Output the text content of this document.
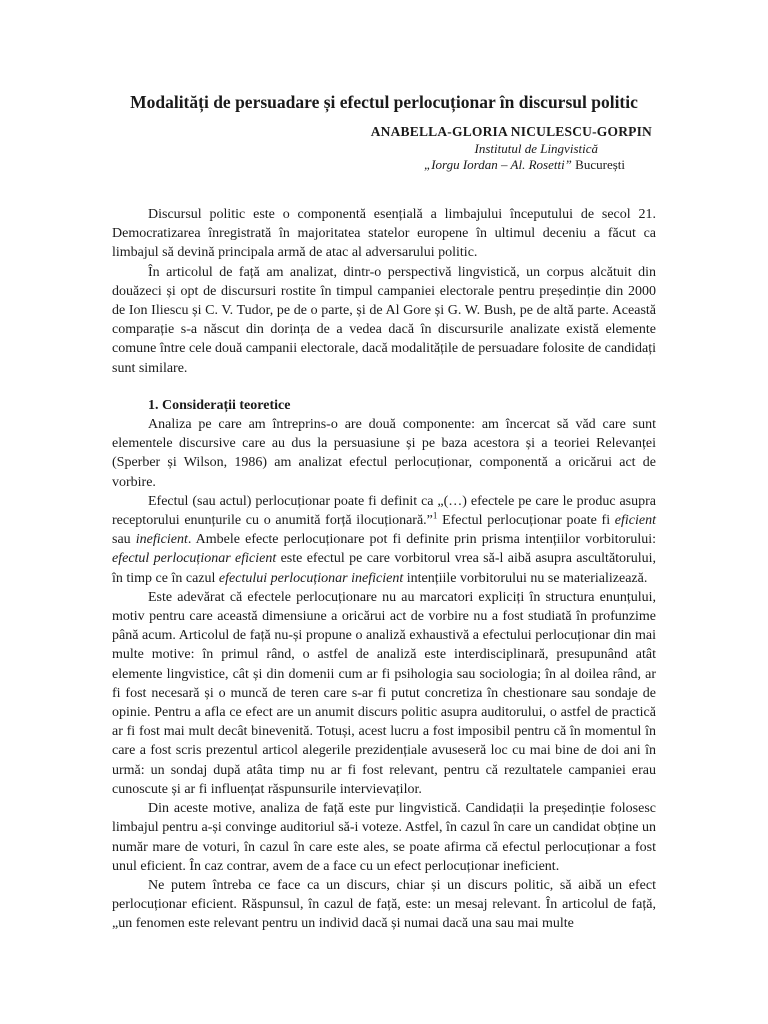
Modalități de persuadare și efectul perlocuționar în discursul politic
ANABELLA-GLORIA NICULESCU-GORPIN
Institutul de Lingvistică
„Iorgu Iordan – Al. Rosetti” București

Discursul politic este o componentă esențială a limbajului începutului de secol 21. Democratizarea înregistrată în majoritatea statelor europene în ultimul deceniu a făcut ca limbajul să devină principala armă de atac al adversarului politic.

În articolul de față am analizat, dintr-o perspectivă lingvistică, un corpus alcătuit din douăzeci și opt de discursuri rostite în timpul campaniei electorale pentru președinție din 2000 de Ion Iliescu și C. V. Tudor, pe de o parte, și de Al Gore și G. W. Bush, pe de altă parte. Această comparație s-a născut din dorința de a vedea dacă în discursurile analizate există elemente comune între cele două campanii electorale, dacă modalitățile de persuadare folosite de candidați sunt similare.

1. Considerații teoretice

Analiza pe care am întreprins-o are două componente: am încercat să văd care sunt elementele discursive care au dus la persuasiune și pe baza acestora și a teoriei Relevanței (Sperber și Wilson, 1986) am analizat efectul perlocuționar, componentă a oricărui act de vorbire.

Efectul (sau actul) perlocuționar poate fi definit ca „(…) efectele pe care le produc asupra receptorului enunțurile cu o anumită forță ilocuționară.”$^1$ Efectul perlocuționar poate fi eficient sau ineficient. Ambele efecte perlocuționare pot fi definite prin prisma intențiilor vorbitorului: efectul perlocuționar eficient este efectul pe care vorbitorul vrea să-l aibă asupra ascultătorului, în timp ce în cazul efectului perlocuționar ineficient intențiile vorbitorului nu se materializează.

Este adevărat că efectele perlocuționare nu au marcatori expliciți în structura enunțului, motiv pentru care această dimensiune a oricărui act de vorbire nu a fost studiată în profunzime până acum. Articolul de față nu-și propune o analiză exhaustivă a efectului perlocuționar din mai multe motive: în primul rând, o astfel de analiză este interdisciplinară, presupunând atât elemente lingvistice, cât și din domenii cum ar fi psihologia sau sociologia; în al doilea rând, ar fi fost necesară și o muncă de teren care s-ar fi putut concretiza în chestionare sau sondaje de opinie. Pentru a afla ce efect are un anumit discurs politic asupra auditorului, o astfel de practică ar fi fost mai mult decât binevenită. Totuși, acest lucru a fost imposibil pentru că în momentul în care a fost scris prezentul articol alegerile prezidențiale avuseseră loc cu mai bine de doi ani în urmă: un sondaj după atâta timp nu ar fi fost relevant, pentru că rezultatele campaniei erau cunoscute și ar fi influențat răspunsurile intervievaților.

Din aceste motive, analiza de față este pur lingvistică. Candidații la președinție folosesc limbajul pentru a-și convinge auditoriul să-i voteze. Astfel, în cazul în care un candidat obține un număr mare de voturi, în cazul în care este ales, se poate afirma că efectul perlocuționar a fost unul eficient. În caz contrar, avem de a face cu un efect perlocuționar ineficient.

Ne putem întreba ce face ca un discurs, chiar și un discurs politic, să aibă un efect perlocuționar eficient. Răspunsul, în cazul de față, este: un mesaj relevant. În articolul de față, „un fenomen este relevant pentru un individ dacă și numai dacă una sau mai multe
